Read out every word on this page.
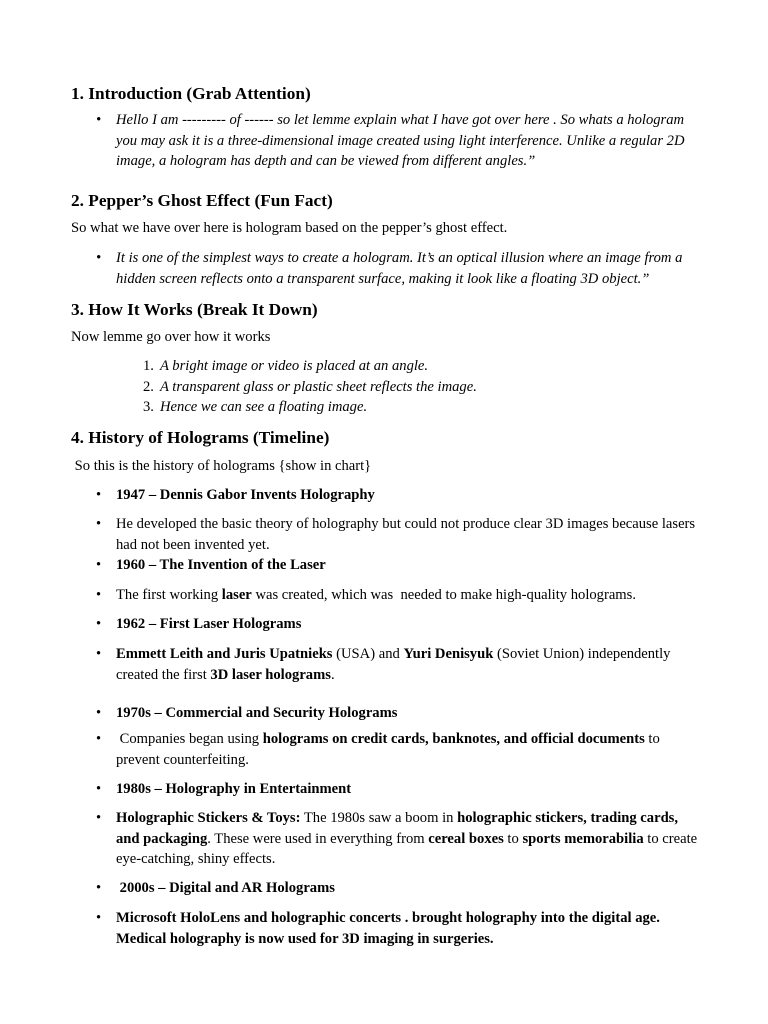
1. Introduction (Grab Attention)
• Hello I am --------- of ------ so let lemme explain what I have got over here . So whats a hologram you may ask it is a three-dimensional image created using light interference. Unlike a regular 2D image, a hologram has depth and can be viewed from different angles.”
2. Pepper’s Ghost Effect (Fun Fact)
So what we have over here is hologram based on the pepper’s ghost effect.
• It is one of the simplest ways to create a hologram. It’s an optical illusion where an image from a hidden screen reflects onto a transparent surface, making it look like a floating 3D object.”
3. How It Works (Break It Down)
Now lemme go over how it works
1. A bright image or video is placed at an angle.
2. A transparent glass or plastic sheet reflects the image.
3. Hence we can see a floating image.
4. History of Holograms (Timeline)
So this is the history of holograms {show in chart}
• 1947 – Dennis Gabor Invents Holography
• He developed the basic theory of holography but could not produce clear 3D images because lasers had not been invented yet.
• 1960 – The Invention of the Laser
• The first working laser was created, which was  needed to make high-quality holograms.
• 1962 – First Laser Holograms
• Emmett Leith and Juris Upatnieks (USA) and Yuri Denisyuk (Soviet Union) independently created the first 3D laser holograms.
• 1970s – Commercial and Security Holograms
• Companies began using holograms on credit cards, banknotes, and official documents to prevent counterfeiting.
• 1980s – Holography in Entertainment
• Holographic Stickers & Toys: The 1980s saw a boom in holographic stickers, trading cards, and packaging. These were used in everything from cereal boxes to sports memorabilia to create eye-catching, shiny effects.
• 2000s – Digital and AR Holograms
• Microsoft HoloLens and holographic concerts . brought holography into the digital age. Medical holography is now used for 3D imaging in surgeries.
